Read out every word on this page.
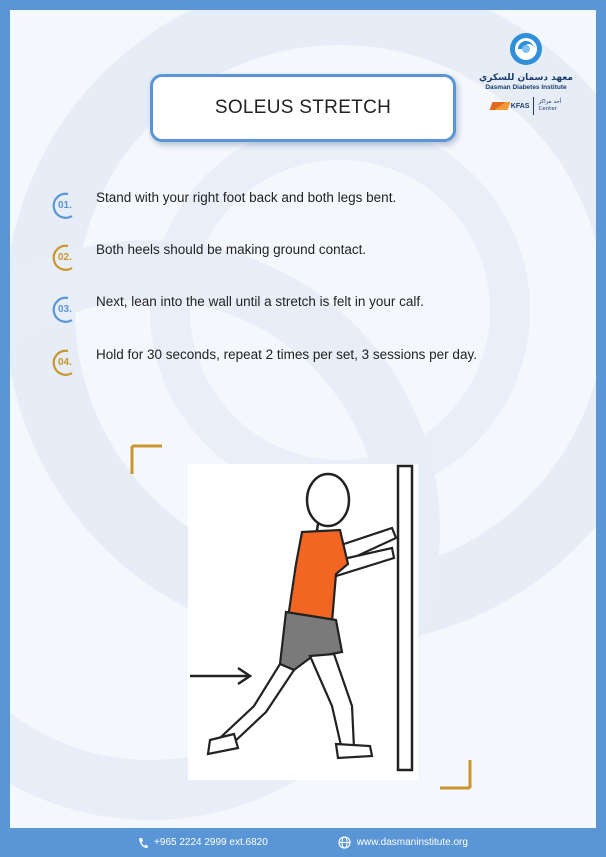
معهد دسمان للسكري
Dasman Diabetes Institute
KFAS
أحد مراكز
Center
SOLEUS STRETCH
01.
Stand with your right foot back and both legs bent.
02.
Both heels should be making ground contact.
03.
Next, lean into the wall until a stretch is felt in your calf.
04.
Hold for 30 seconds, repeat 2 times per set, 3 sessions per day.
+965 2224 2999 ext.6820	www.dasmaninstitute.org
